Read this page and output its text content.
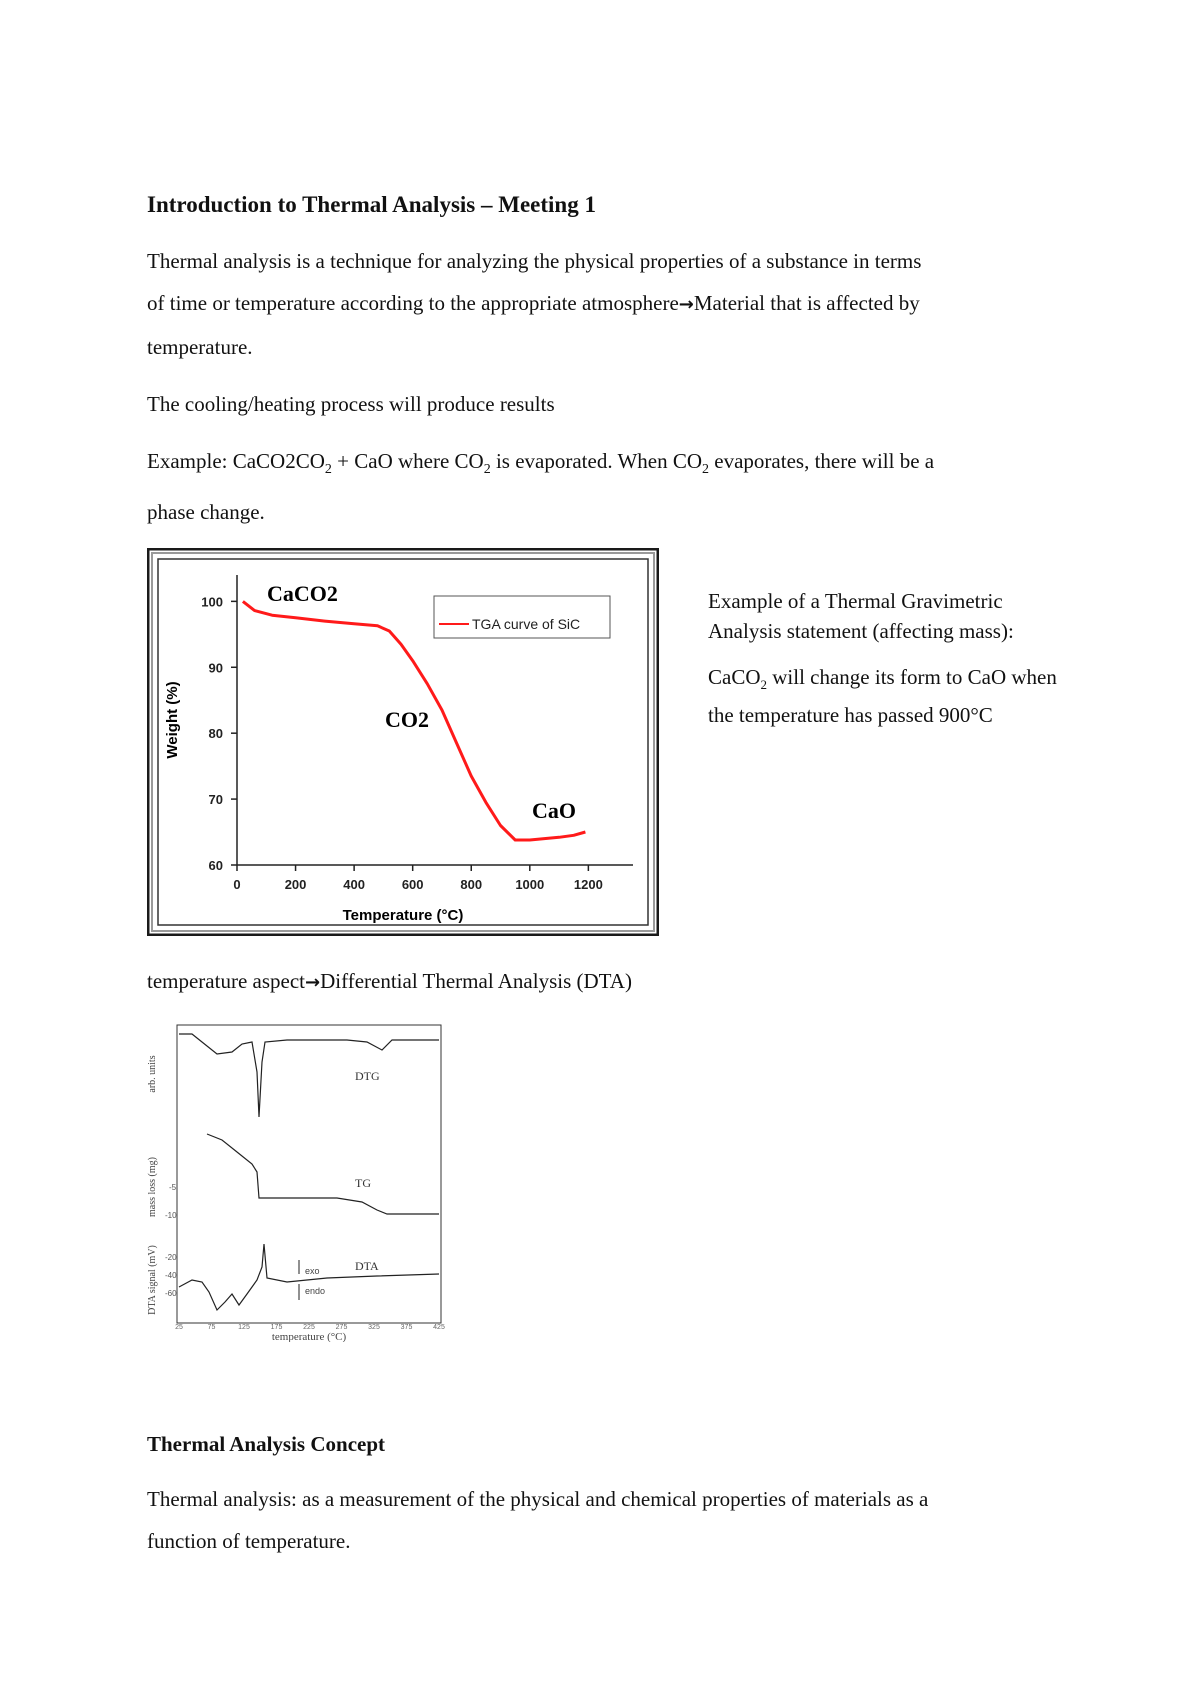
Introduction to Thermal Analysis – Meeting 1
Thermal analysis is a technique for analyzing the physical properties of a substance in terms
of time or temperature according to the appropriate atmosphere→Material that is affected by
temperature.
The cooling/heating process will produce results
Example: $CaCO2CO_2$ + CaO where $CO_2$ is evaporated. When $CO_2$ evaporates, there will be a
phase change.
60
70
80
90
100
0	200	400	600	800	1000 1200
TGA curve of SiC
CaCO2
CO2
CaO
Temperature (°C)
Weight (%)
Example of a Thermal Gravimetric
Analysis statement (affecting mass):
CaCO$_2$ will change its form to CaO when
the temperature has passed 900°C
temperature aspect→Differential Thermal Analysis (DTA)
DTG
TG
DTA
exo
endo
arb. units
mass loss (mg)
DTA signal (mV)
-5
-10
-20
-40
-60
25	75	125	175	225	275	325	375	425
temperature (°C)
Thermal Analysis Concept
Thermal analysis: as a measurement of the physical and chemical properties of materials as a
function of temperature.
